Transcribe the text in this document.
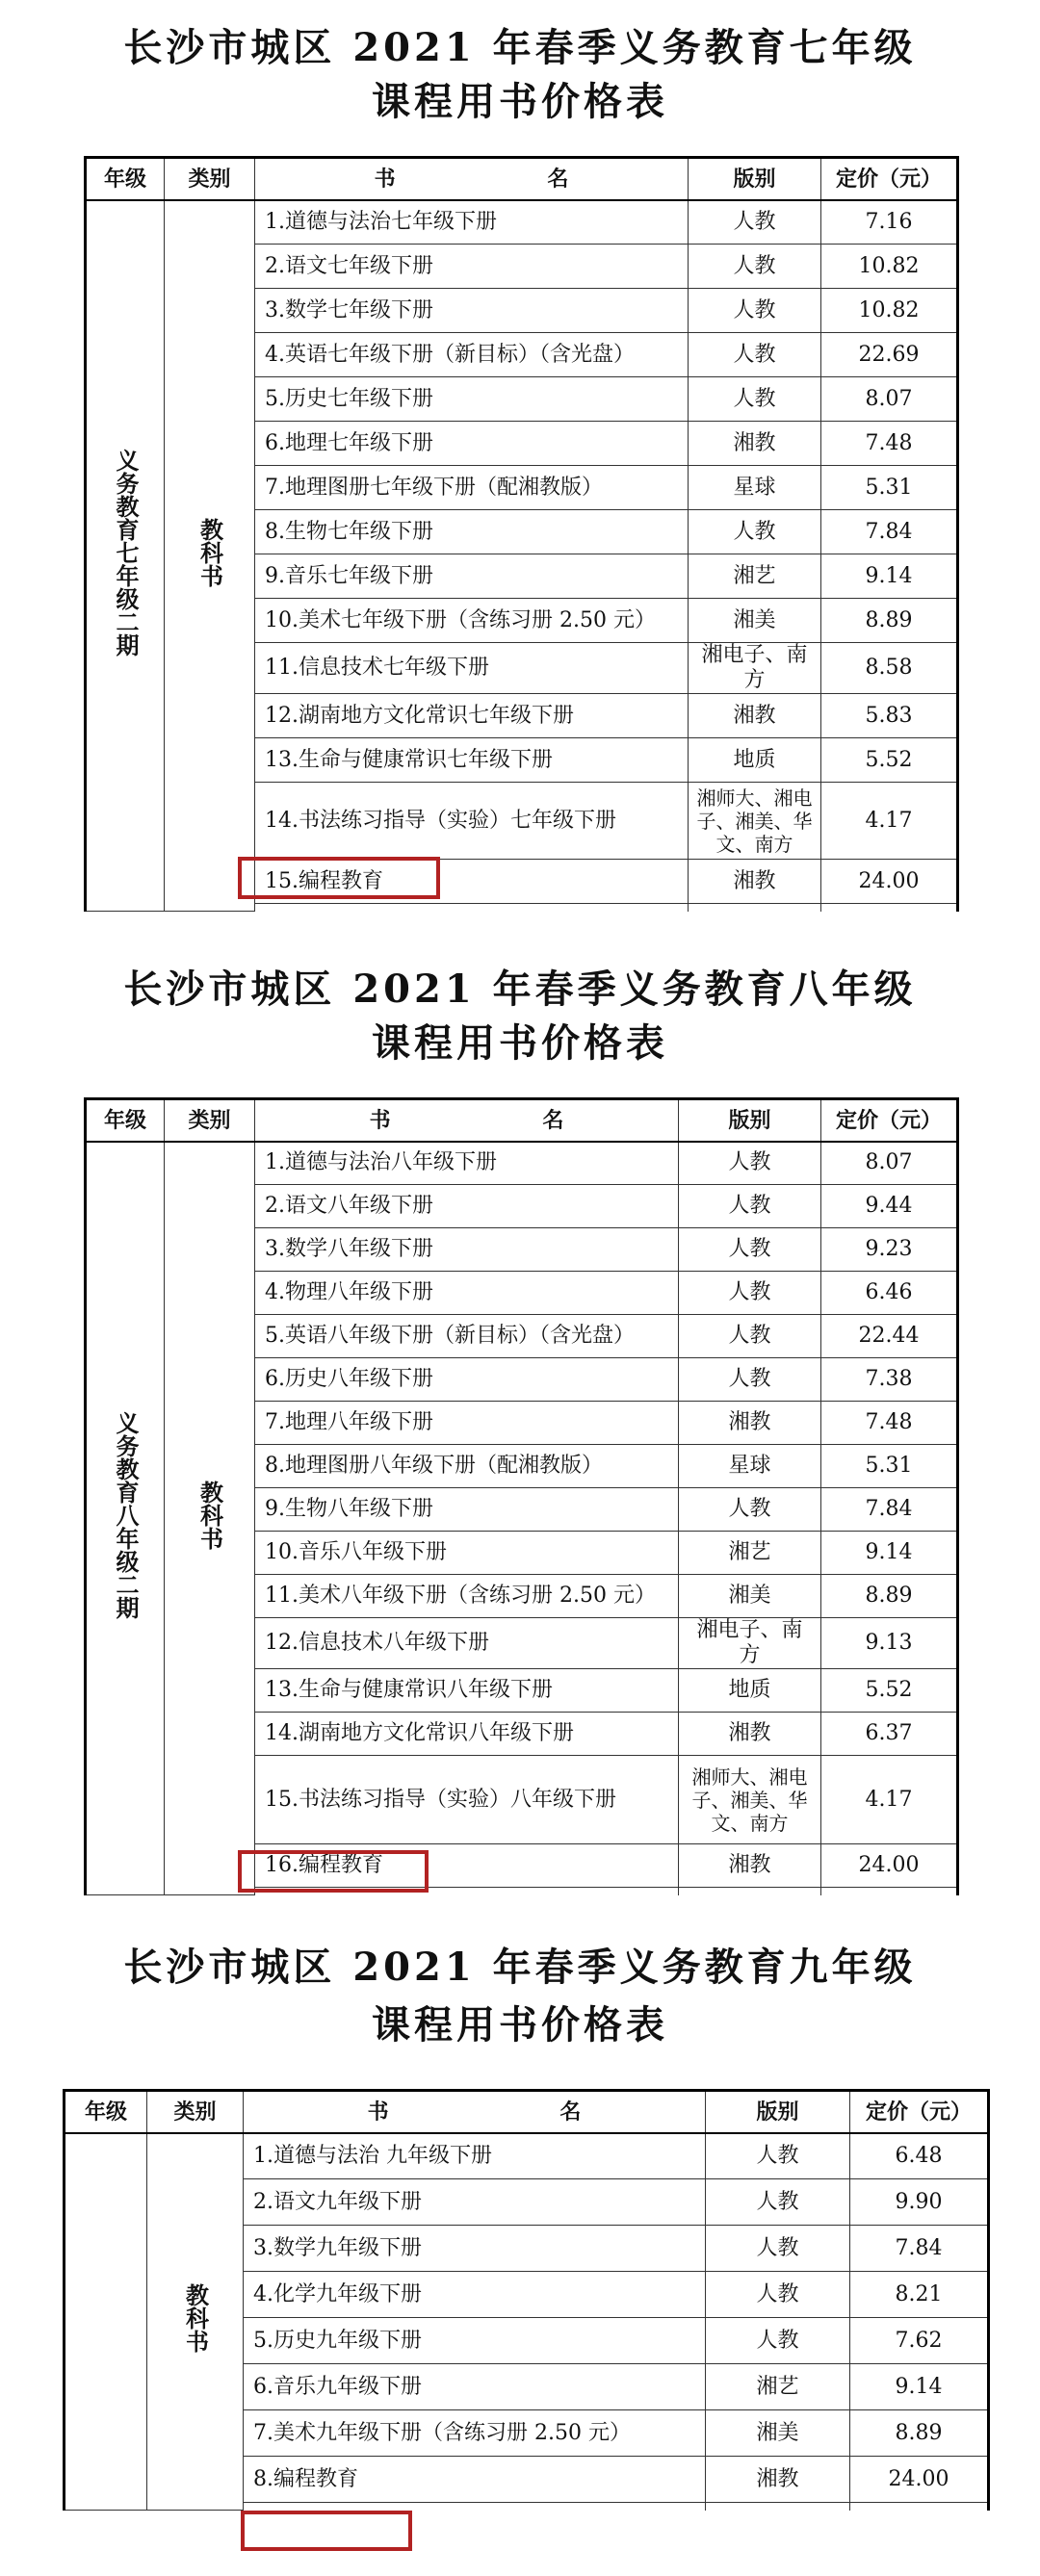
长沙市城区 2021 年春季义务教育七年级
课程用书价格表
年级	类别	书 名	版别	定价（元）
义务教育七年级二期	教科书	1.道德与法治七年级下册	人教	7.16
		2.语文七年级下册	人教	10.82
		3.数学七年级下册	人教	10.82
		4.英语七年级下册（新目标）（含光盘）	人教	22.69
		5.历史七年级下册	人教	8.07
		6.地理七年级下册	湘教	7.48
		7.地理图册七年级下册（配湘教版）	星球	5.31
		8.生物七年级下册	人教	7.84
		9.音乐七年级下册	湘艺	9.14
		10.美术七年级下册（含练习册 2.50 元）	湘美	8.89
		11.信息技术七年级下册	湘电子、南方	8.58
		12.湖南地方文化常识七年级下册	湘教	5.83
		13.生命与健康常识七年级下册	地质	5.52
		14.书法练习指导（实验）七年级下册	湘师大、湘电子、湘美、华文、南方	4.17
		15.编程教育	湘教	24.00

长沙市城区 2021 年春季义务教育八年级
课程用书价格表
年级	类别	书 名	版别	定价（元）
义务教育八年级二期	教科书	1.道德与法治八年级下册	人教	8.07
		2.语文八年级下册	人教	9.44
		3.数学八年级下册	人教	9.23
		4.物理八年级下册	人教	6.46
		5.英语八年级下册（新目标）（含光盘）	人教	22.44
		6.历史八年级下册	人教	7.38
		7.地理八年级下册	湘教	7.48
		8.地理图册八年级下册（配湘教版）	星球	5.31
		9.生物八年级下册	人教	7.84
		10.音乐八年级下册	湘艺	9.14
		11.美术八年级下册（含练习册 2.50 元）	湘美	8.89
		12.信息技术八年级下册	湘电子、南方	9.13
		13.生命与健康常识八年级下册	地质	5.52
		14.湖南地方文化常识八年级下册	湘教	6.37
		15.书法练习指导（实验）八年级下册	湘师大、湘电子、湘美、华文、南方	4.17
		16.编程教育	湘教	24.00

长沙市城区 2021 年春季义务教育九年级
课程用书价格表
年级	类别	书 名	版别	定价（元）
	教科书	1.道德与法治 九年级下册	人教	6.48
		2.语文九年级下册	人教	9.90
		3.数学九年级下册	人教	7.84
		4.化学九年级下册	人教	8.21
		5.历史九年级下册	人教	7.62
		6.音乐九年级下册	湘艺	9.14
		7.美术九年级下册（含练习册 2.50 元）	湘美	8.89
		8.编程教育	湘教	24.00
